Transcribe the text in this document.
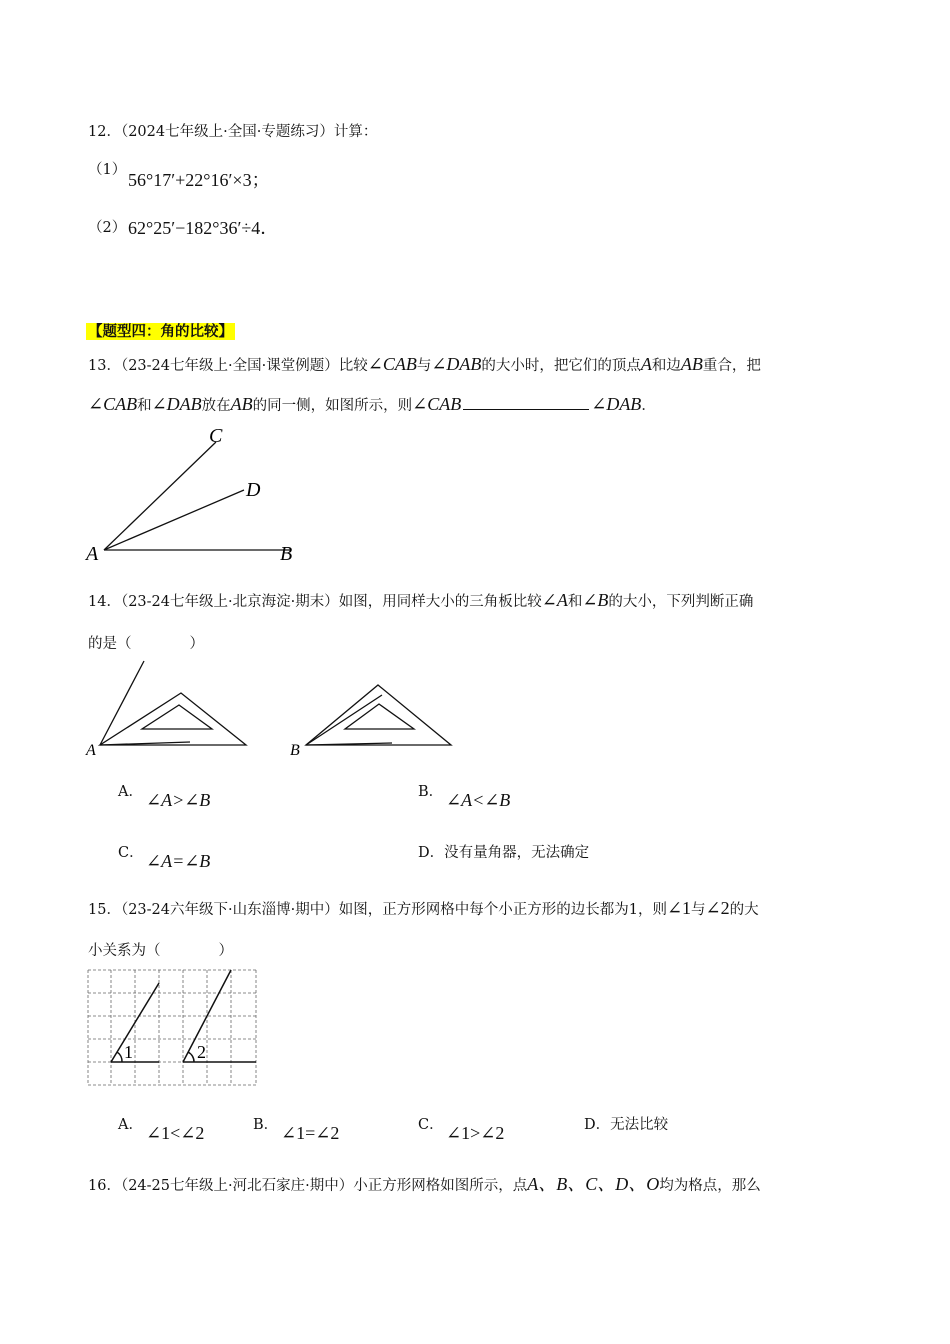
12．（2024七年级上·全国·专题练习）计算：
（1） 56°17′+22°16′×3；
（2） 62°25′−182°36′÷4．
【题型四：角的比较】
13．（23-24七年级上·全国·课堂例题）比较∠CAB与∠DAB的大小时，把它们的顶点A和边AB重合，把
∠CAB和∠DAB放在AB的同一侧，如图所示，则∠CAB	∠DAB．
C
D
A	B
14．（23-24七年级上·北京海淀·期末）如图，用同样大小的三角板比较∠A和∠B的大小，下列判断正确
的是（　　　　）
A	B
A． ∠A>∠B	B． ∠A<∠B
C． ∠A=∠B	D．没有量角器，无法确定
15．（23-24六年级下·山东淄博·期中）如图，正方形网格中每个小正方形的边长都为1，则∠1与∠2的大
小关系为（　　　　）
1	2
A． ∠1<∠2	B． ∠1=∠2	C． ∠1>∠2	D．无法比较
16．（24-25七年级上·河北石家庄·期中）小正方形网格如图所示，点A、B、C、D、O均为格点，那么
